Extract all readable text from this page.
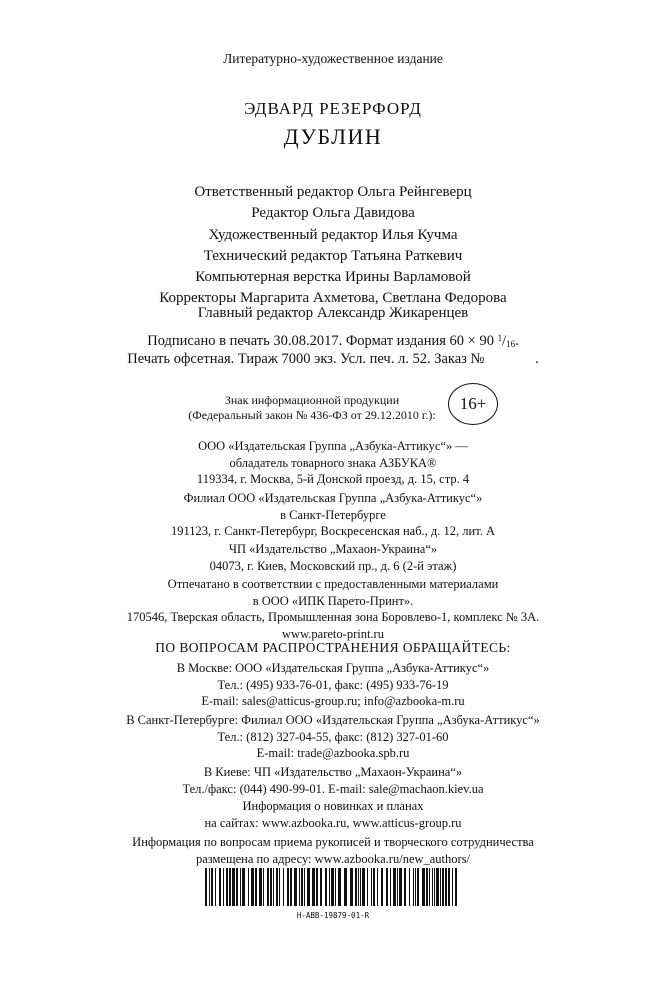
Литературно-художественное издание
ЭДВАРД РЕЗЕРФОРД
ДУБЛИН
Ответственный редактор Ольга Рейнгеверц
Редактор Ольга Давидова
Художественный редактор Илья Кучма
Технический редактор Татьяна Раткевич
Компьютерная верстка Ирины Варламовой
Корректоры Маргарита Ахметова, Светлана Федорова
Главный редактор Александр Жикаренцев
Подписано в печать 30.08.2017. Формат издания 60 × 90 $^1/_{16}$.
Печать офсетная. Тираж 7000 экз. Усл. печ. л. 52. Заказ №              .
Знак информационной продукции
(Федеральный закон № 436-ФЗ от 29.12.2010 г.):
16+
ООО «Издательская Группа „Азбука-Аттикус“» —
обладатель товарного знака АЗБУКА®
119334, г. Москва, 5-й Донской проезд, д. 15, стр. 4
Филиал ООО «Издательская Группа „Азбука-Аттикус“»
в Санкт-Петербурге
191123, г. Санкт-Петербург, Воскресенская наб., д. 12, лит. А
ЧП «Издательство „Махаон-Украина“»
04073, г. Киев, Московский пр., д. 6 (2-й этаж)
Отпечатано в соответствии с предоставленными материалами
в ООО «ИПК Парето-Принт».
170546, Тверская область, Промышленная зона Боровлево-1, комплекс № 3А.
www.pareto-print.ru
ПО ВОПРОСАМ РАСПРОСТРАНЕНИЯ ОБРАЩАЙТЕСЬ:
В Москве: ООО «Издательская Группа „Азбука-Аттикус“»
Тел.: (495) 933-76-01, факс: (495) 933-76-19
E-mail: sales@atticus-group.ru; info@azbooka-m.ru
В Санкт-Петербурге: Филиал ООО «Издательская Группа „Азбука-Аттикус“»
Тел.: (812) 327-04-55, факс: (812) 327-01-60
E-mail: trade@azbooka.spb.ru
В Киеве: ЧП «Издательство „Махаон-Украина“»
Тел./факс: (044) 490-99-01. E-mail: sale@machaon.kiev.ua
Информация о новинках и планах
на сайтах: www.azbooka.ru, www.atticus-group.ru
Информация по вопросам приема рукописей и творческого сотрудничества
размещена по адресу: www.azbooka.ru/new_authors/
Н-АВВ-19879-01-R
